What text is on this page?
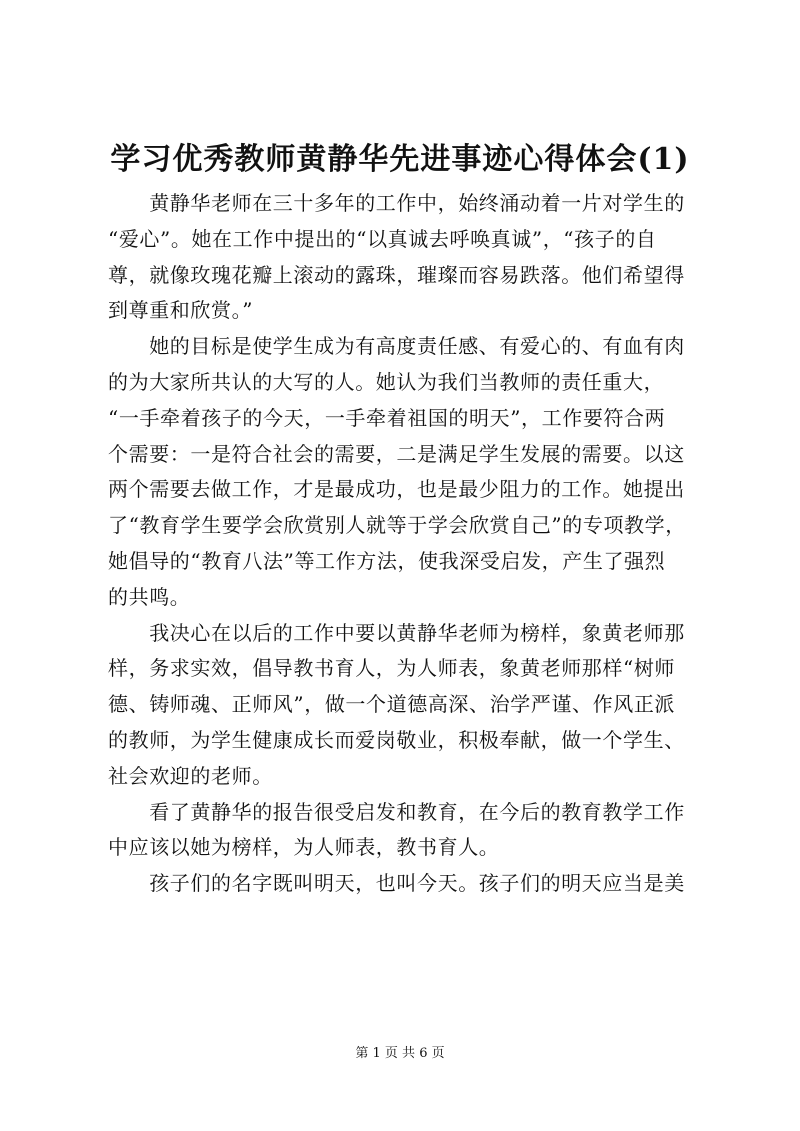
学习优秀教师黄静华先进事迹心得体会(1)
　　黄静华老师在三十多年的工作中，始终涌动着一片对学生的
“爱心”。她在工作中提出的“以真诚去呼唤真诚”，“孩子的自
尊，就像玫瑰花瓣上滚动的露珠，璀璨而容易跌落。他们希望得
到尊重和欣赏。”
　　她的目标是使学生成为有高度责任感、有爱心的、有血有肉
的为大家所共认的大写的人。她认为我们当教师的责任重大，
“一手牵着孩子的今天，一手牵着祖国的明天”，工作要符合两
个需要：一是符合社会的需要，二是满足学生发展的需要。以这
两个需要去做工作，才是最成功，也是最少阻力的工作。她提出
了“教育学生要学会欣赏别人就等于学会欣赏自己”的专项教学，
她倡导的“教育八法”等工作方法，使我深受启发，产生了强烈
的共鸣。
　　我决心在以后的工作中要以黄静华老师为榜样，象黄老师那
样，务求实效，倡导教书育人，为人师表，象黄老师那样“树师
德、铸师魂、正师风”，做一个道德高深、治学严谨、作风正派
的教师，为学生健康成长而爱岗敬业，积极奉献，做一个学生、
社会欢迎的老师。
　　看了黄静华的报告很受启发和教育，在今后的教育教学工作
中应该以她为榜样，为人师表，教书育人。
　　孩子们的名字既叫明天，也叫今天。孩子们的明天应当是美
第 1 页 共 6 页
